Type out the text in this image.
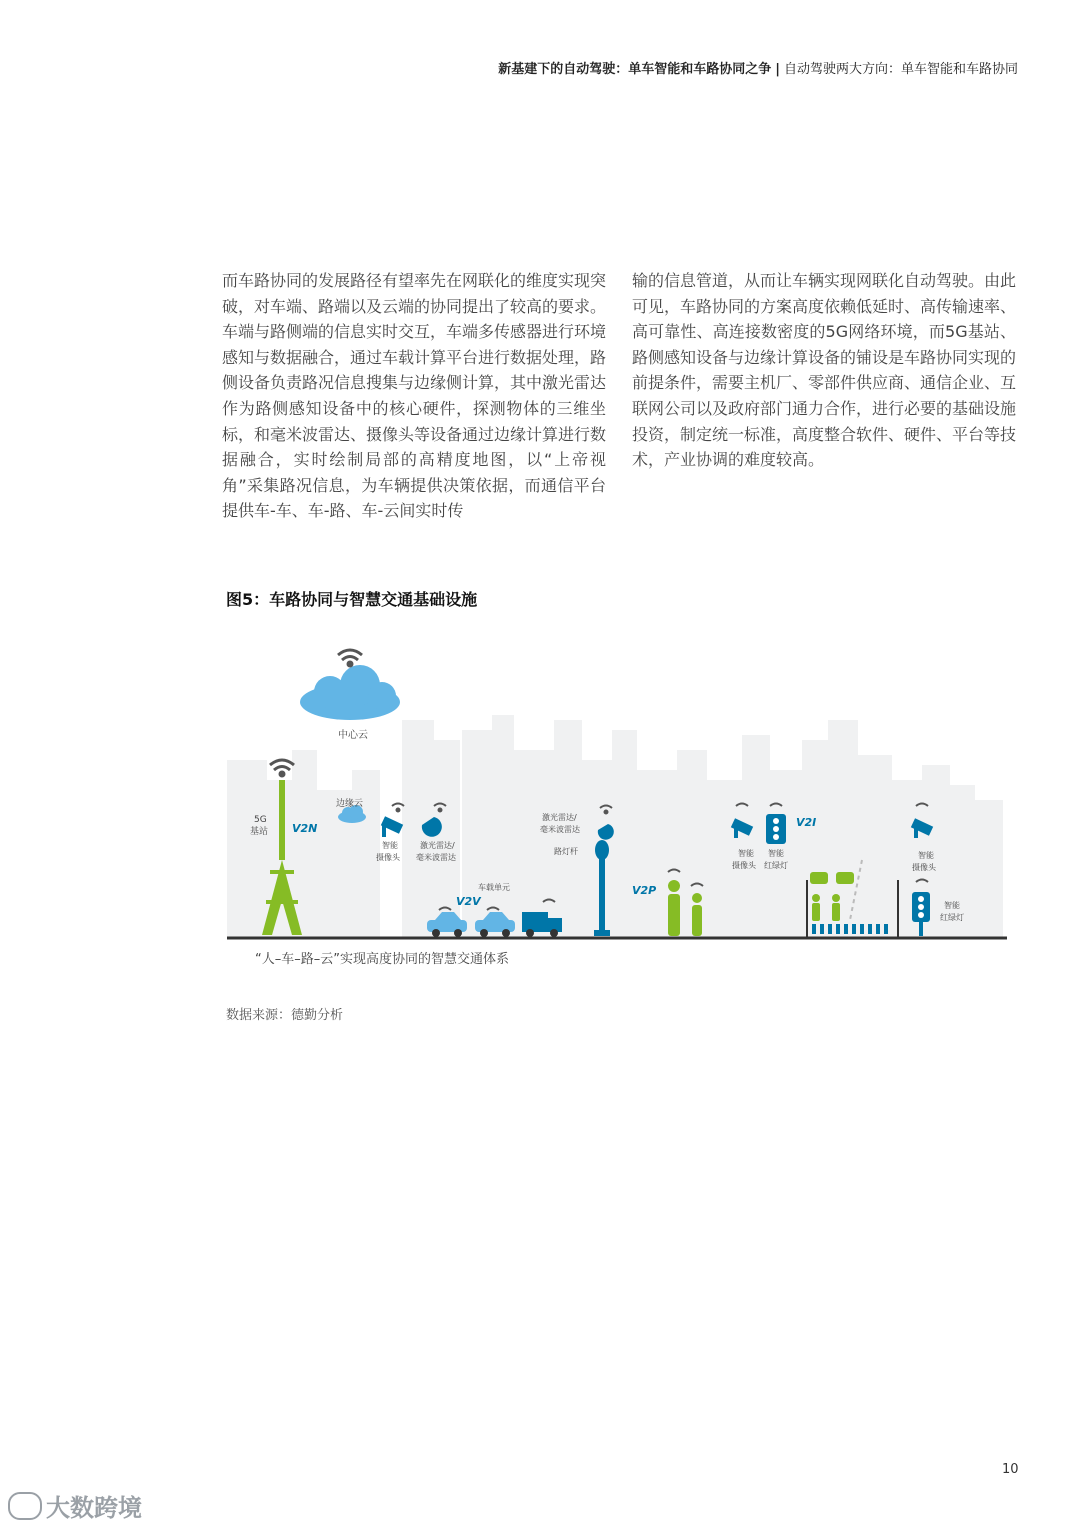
新基建下的自动驾驶：单车智能和车路协同之争 | 自动驾驶两大方向：单车智能和车路协同
而车路协同的发展路径有望率先在网联化的维度实现突破，对车端、路端以及云端的协同提出了较高的要求。车端与路侧端的信息实时交互，车端多传感器进行环境感知与数据融合，通过车载计算平台进行数据处理，路侧设备负责路况信息搜集与边缘侧计算，其中激光雷达作为路侧感知设备中的核心硬件，探测物体的三维坐标，和毫米波雷达、摄像头等设备通过边缘计算进行数据融合，实时绘制局部的高精度地图，以“上帝视角”采集路况信息，为车辆提供决策依据，而通信平台提供车-车、车-路、车-云间实时传
输的信息管道，从而让车辆实现网联化自动驾驶。由此可见，车路协同的方案高度依赖低延时、高传输速率、高可靠性、高连接数密度的5G网络环境，而5G基站、路侧感知设备与边缘计算设备的铺设是车路协同实现的前提条件，需要主机厂、零部件供应商、通信企业、互联网公司以及政府部门通力合作，进行必要的基础设施投资，制定统一标准，高度整合软件、硬件、平台等技术，产业协调的难度较高。
图5：车路协同与智慧交通基础设施
中心云
5G
基站 V2N
边缘云
智能
摄像头
激光雷达/
毫米波雷达
车载单元
V2V
激光雷达/
毫米波雷达
路灯杆
V2P
V2I
智能
摄像头
智能
红绿灯
智能
摄像头
智能
红绿灯
“人–车–路–云”实现高度协同的智慧交通体系
数据来源：德勤分析
10
大数跨境
